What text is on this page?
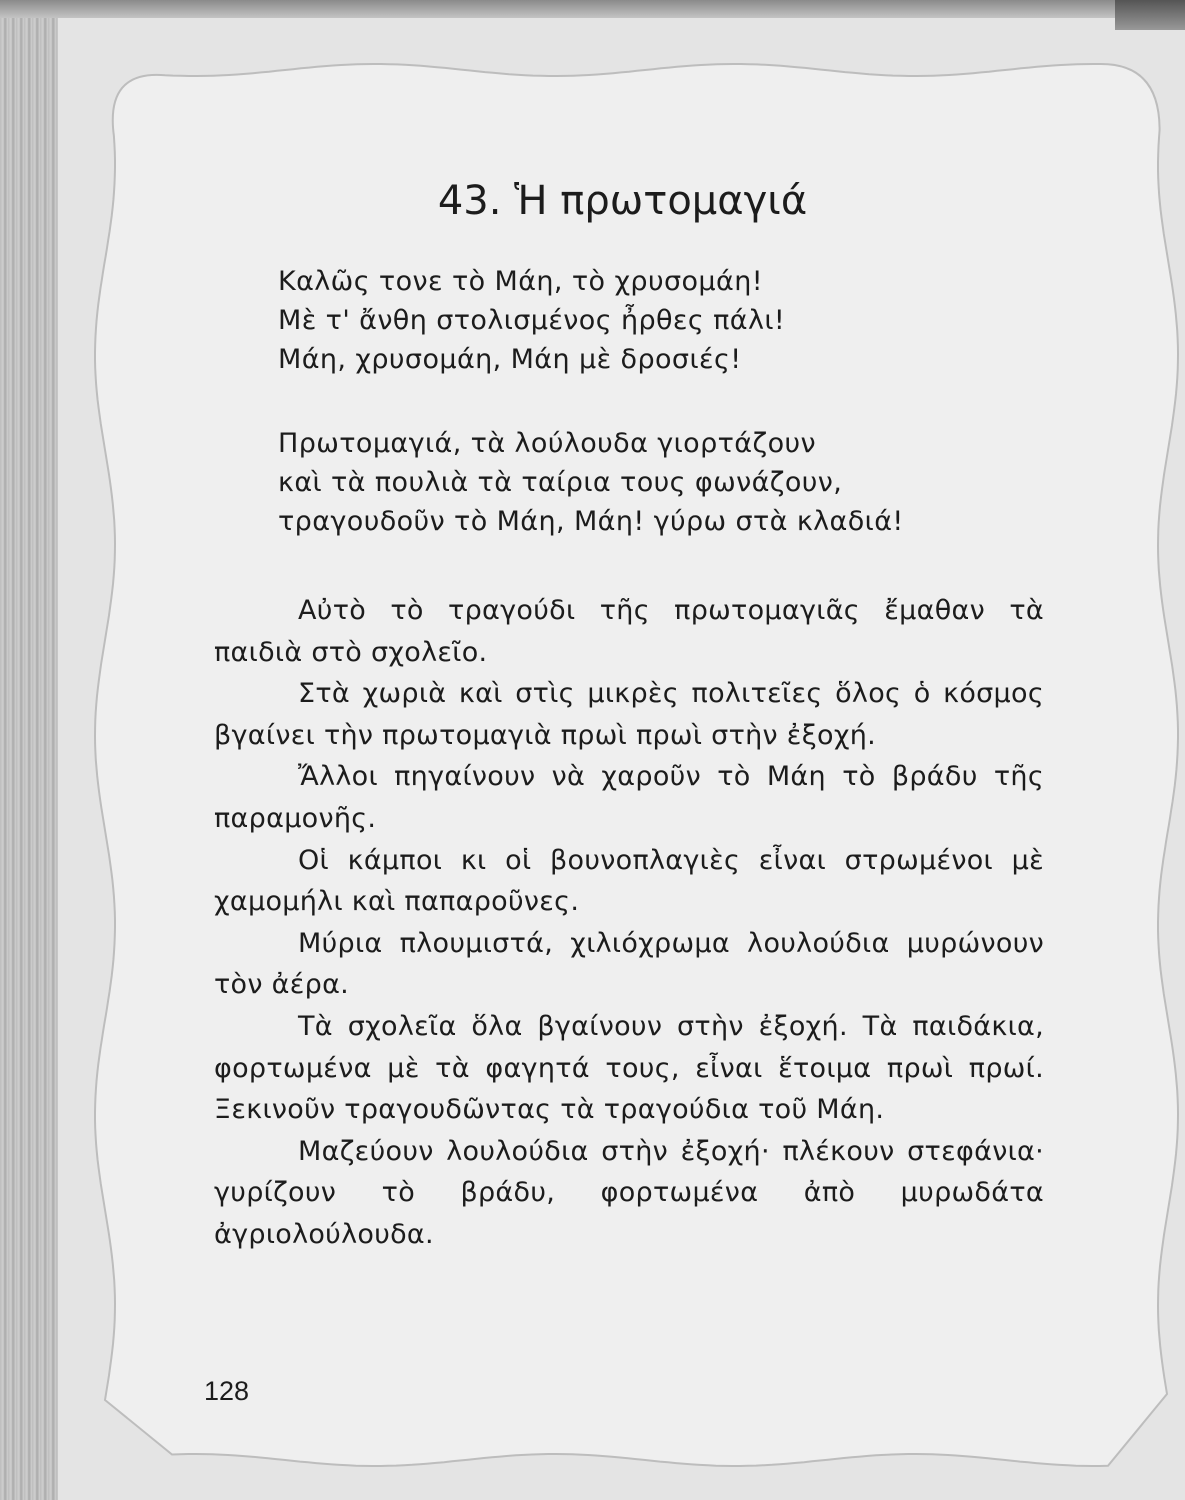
43. Ἡ πρωτομαγιά
Καλῶς τονε τὸ Μάη, τὸ χρυσομάη!
Μὲ τ' ἄνθη στολισμένος ἦρθες πάλι!
Μάη, χρυσομάη, Μάη μὲ δροσιές!
Πρωτομαγιά, τὰ λούλουδα γιορτάζουν
καὶ τὰ πουλιὰ τὰ ταίρια τους φωνάζουν,
τραγουδοῦν τὸ Μάη, Μάη! γύρω στὰ κλαδιά!

Αὐτὸ τὸ τραγούδι τῆς πρωτομαγιᾶς ἔμαθαν τὰ παιδιὰ στὸ σχολεῖο.

Στὰ χωριὰ καὶ στὶς μικρὲς πολιτεῖες ὅλος ὁ κόσμος βγαίνει τὴν πρωτομαγιὰ πρωὶ πρωὶ στὴν ἐξοχή.

Ἄλλοι πηγαίνουν νὰ χαροῦν τὸ Μάη τὸ βράδυ τῆς παραμονῆς.

Οἱ κάμποι κι οἱ βουνοπλαγιὲς εἶναι στρωμένοι μὲ χαμομήλι καὶ παπαροῦνες.

Μύρια πλουμιστά, χιλιόχρωμα λουλούδια μυρώνουν τὸν ἀέρα.

Τὰ σχολεῖα ὅλα βγαίνουν στὴν ἐξοχή. Τὰ παιδάκια, φορτωμένα μὲ τὰ φαγητά τους, εἶναι ἕτοιμα πρωὶ πρωί. Ξεκινοῦν τραγουδῶντας τὰ τραγούδια τοῦ Μάη.

Μαζεύουν λουλούδια στὴν ἐξοχή· πλέκουν στεφάνια· γυρίζουν τὸ βράδυ, φορτωμένα ἀπὸ μυρωδάτα ἀγριολούλουδα.

128
